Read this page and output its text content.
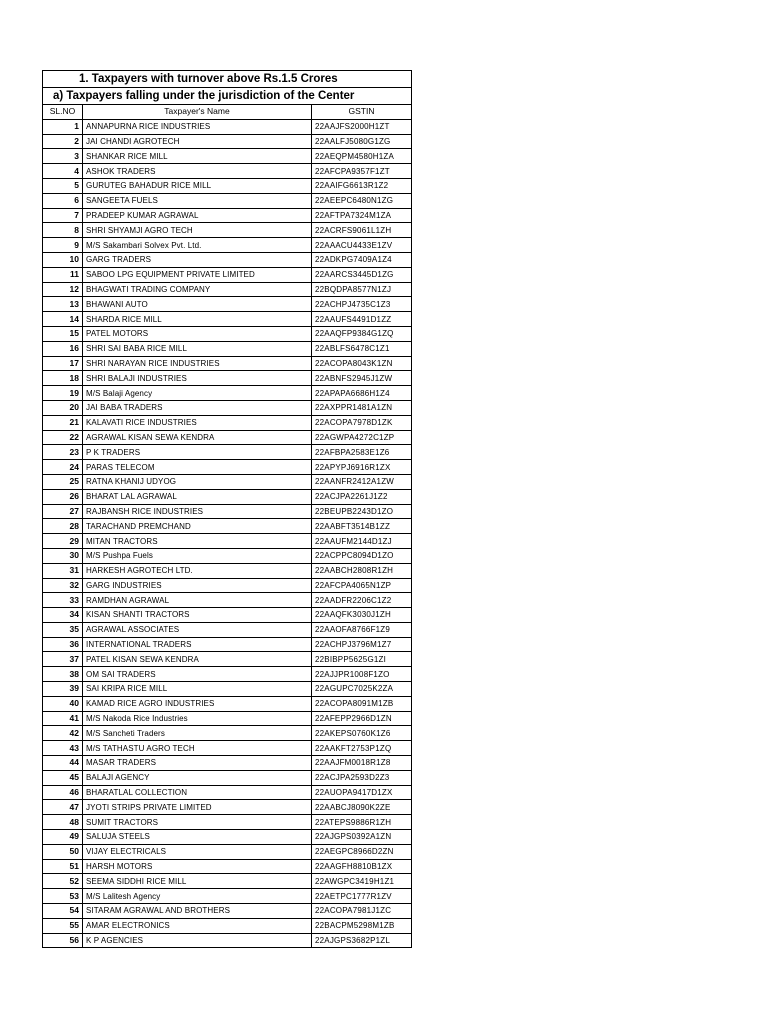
1. Taxpayers with turnover above Rs.1.5 Crores		
a) Taxpayers falling under the jurisdiction of the Center		
SL.NO	Taxpayer's Name	GSTIN
1	ANNAPURNA RICE INDUSTRIES	22AAJFS2000H1ZT
2	JAI CHANDI AGROTECH	22AALFJ5080G1ZG
3	SHANKAR RICE MILL	22AEQPM4580H1ZA
4	ASHOK TRADERS	22AFCPA9357F1ZT
5	GURUTEG BAHADUR RICE MILL	22AAIFG6613R1Z2
6	SANGEETA FUELS	22AEEPC6480N1ZG
7	PRADEEP KUMAR AGRAWAL	22AFTPA7324M1ZA
8	SHRI SHYAMJI AGRO TECH	22ACRFS9061L1ZH
9	M/S Sakambari Solvex Pvt. Ltd.	22AAACU4433E1ZV
10	GARG TRADERS	22ADKPG7409A1Z4
11	SABOO LPG EQUIPMENT PRIVATE LIMITED	22AARCS3445D1ZG
12	BHAGWATI TRADING COMPANY	22BQDPA8577N1ZJ
13	BHAWANI AUTO	22ACHPJ4735C1Z3
14	SHARDA RICE MILL	22AAUFS4491D1ZZ
15	PATEL MOTORS	22AAQFP9384G1ZQ
16	SHRI SAI BABA RICE MILL	22ABLFS6478C1Z1
17	SHRI NARAYAN RICE INDUSTRIES	22ACOPA8043K1ZN
18	SHRI BALAJI INDUSTRIES	22ABNFS2945J1ZW
19	M/S Balaji Agency	22APAPA6686H1Z4
20	JAI BABA TRADERS	22AXPPR1481A1ZN
21	KALAVATI RICE INDUSTRIES	22ACOPA7978D1ZK
22	AGRAWAL KISAN SEWA KENDRA	22AGWPA4272C1ZP
23	P K TRADERS	22AFBPA2583E1Z6
24	PARAS TELECOM	22APYPJ6916R1ZX
25	RATNA KHANIJ UDYOG	22AANFR2412A1ZW
26	BHARAT LAL AGRAWAL	22ACJPA2261J1Z2
27	RAJBANSH RICE INDUSTRIES	22BEUPB2243D1ZO
28	TARACHAND PREMCHAND	22AABFT3514B1ZZ
29	MITAN TRACTORS	22AAUFM2144D1ZJ
30	M/S Pushpa Fuels	22ACPPC8094D1ZO
31	HARKESH AGROTECH LTD.	22AABCH2808R1ZH
32	GARG INDUSTRIES	22AFCPA4065N1ZP
33	RAMDHAN AGRAWAL	22AADFR2206C1Z2
34	KISAN SHANTI TRACTORS	22AAQFK3030J1ZH
35	AGRAWAL ASSOCIATES	22AAOFA8766F1Z9
36	INTERNATIONAL TRADERS	22ACHPJ3796M1Z7
37	PATEL KISAN SEWA KENDRA	22BIBPP5625G1ZI
38	OM SAI TRADERS	22AJJPR1008F1ZO
39	SAI KRIPA RICE MILL	22AGUPC7025K2ZA
40	KAMAD RICE AGRO INDUSTRIES	22ACOPA8091M1ZB
41	M/S Nakoda Rice Industries	22AFEPP2966D1ZN
42	M/S Sancheti Traders	22AKEPS0760K1Z6
43	M/S TATHASTU AGRO TECH	22AAKFT2753P1ZQ
44	MASAR TRADERS	22AAJFM0018R1Z8
45	BALAJI AGENCY	22ACJPA2593D2Z3
46	BHARATLAL COLLECTION	22AUOPA9417D1ZX
47	JYOTI STRIPS PRIVATE LIMITED	22AABCJ8090K2ZE
48	SUMIT TRACTORS	22ATEPS9886R1ZH
49	SALUJA STEELS	22AJGPS0392A1ZN
50	VIJAY ELECTRICALS	22AEGPC8966D2ZN
51	HARSH MOTORS	22AAGFH8810B1ZX
52	SEEMA SIDDHI RICE MILL	22AWGPC3419H1Z1
53	M/S Lalitesh Agency	22AETPC1777R1ZV
54	SITARAM AGRAWAL AND BROTHERS	22ACOPA7981J1ZC
55	AMAR ELECTRONICS	22BACPM5298M1ZB
56	K P AGENCIES	22AJGPS3682P1ZL
